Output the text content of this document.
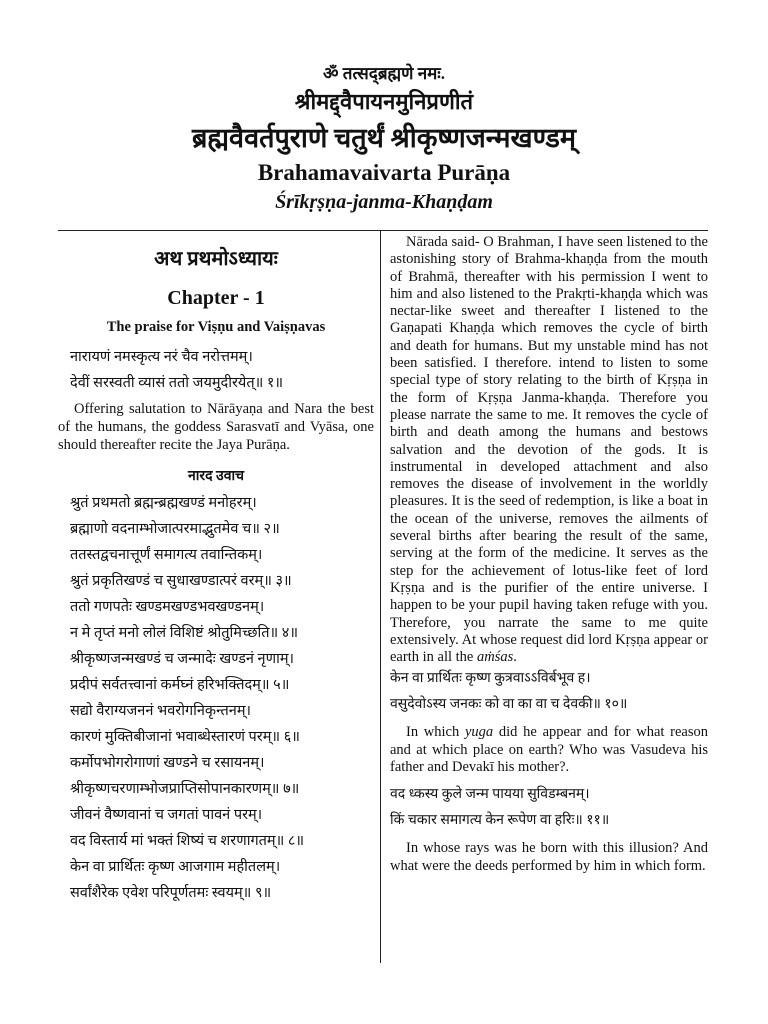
ॐ तत्सद्ब्रह्मणे नमः.
श्रीमद्द्वैपायनमुनिप्रणीतं
ब्रह्मवैवर्तपुराणे चतुर्थं श्रीकृष्णजन्मखण्डम्
Brahamavaivarta Purāṇa
Śrīkṛṣṇa-janma-Khaṇḍam
अथ प्रथमोऽध्यायः
Chapter - 1
The praise for Viṣṇu and Vaiṣṇavas
नारायणं नमस्कृत्य नरं चैव नरोत्तमम्।
देवीं सरस्वती व्यासं ततो जयमुदीरयेत्॥ १॥

Offering salutation to Nārāyaṇa and Nara the best of the humans, the goddess Sarasvatī and Vyāsa, one should thereafter recite the Jaya Purāṇa.

नारद उवाच
श्रुतं प्रथमतो ब्रह्मन्ब्रह्मखण्डं मनोहरम्।
ब्रह्माणो वदनाम्भोजात्परमाद्भुतमेव च॥ २॥
ततस्तद्वचनात्तूर्णं समागत्य तवान्तिकम्।
श्रुतं प्रकृतिखण्डं च सुधाखण्डात्परं वरम्॥ ३॥
ततो गणपतेः खण्डमखण्डभवखण्डनम्।
न मे तृप्तं मनो लोलं विशिष्टं श्रोतुमिच्छति॥ ४॥
श्रीकृष्णजन्मखण्डं च जन्मादेः खण्डनं नृणाम्।
प्रदीपं सर्वतत्त्वानां कर्मघ्नं हरिभक्तिदम्॥ ५॥
सद्यो वैराग्यजननं भवरोगनिकृन्तनम्।
कारणं मुक्तिबीजानां भवाब्धेस्तारणं परम्॥ ६॥
कर्मोपभोगरोगाणां खण्डने च रसायनम्।
श्रीकृष्णचरणाम्भोजप्राप्तिसोपानकारणम्॥ ७॥
जीवनं वैष्णवानां च जगतां पावनं परम्।
वद विस्तार्य मां भक्तं शिष्यं च शरणागतम्॥ ८॥
केन वा प्रार्थितः कृष्ण आजगाम महीतलम्।
सर्वांशैरेक एवेश परिपूर्णतमः स्वयम्॥ ९॥

Nārada said- O Brahman, I have seen listened to the astonishing story of Brahma-khaṇḍa from the mouth of Brahmā, thereafter with his permission I went to him and also listened to the Prakṛti-khaṇḍa which was nectar-like sweet and thereafter I listened to the Gaṇapati Khaṇḍa which removes the cycle of birth and death for humans. But my unstable mind has not been satisfied. I therefore. intend to listen to some special type of story relating to the birth of Kṛṣṇa in the form of Kṛṣṇa Janma-khaṇḍa. Therefore you please narrate the same to me. It removes the cycle of birth and death among the humans and bestows salvation and the devotion of the gods. It is instrumental in developed attachment and also removes the disease of involvement in the worldly pleasures. It is the seed of redemption, is like a boat in the ocean of the universe, removes the ailments of several births after bearing the result of the same, serving at the form of the medicine. It serves as the step for the achievement of lotus-like feet of lord Kṛṣṇa and is the purifier of the entire universe. I happen to be your pupil having taken refuge with you. Therefore, you narrate the same to me quite extensively. At whose request did lord Kṛṣṇa appear or earth in all the aṁśas.

केन वा प्रार्थितः कृष्ण कुत्रवाऽऽविर्बभूव ह।
वसुदेवोऽस्य जनकः को वा का वा च देवकी॥ १०॥

In which yuga did he appear and for what reason and at which place on earth? Who was Vasudeva his father and Devakī his mother?.

वद ध्कस्य कुले जन्म पायया सुविडम्बनम्।
किं चकार समागत्य केन रूपेण वा हरिः॥ ११॥

In whose rays was he born with this illusion? And what were the deeds performed by him in which form.
